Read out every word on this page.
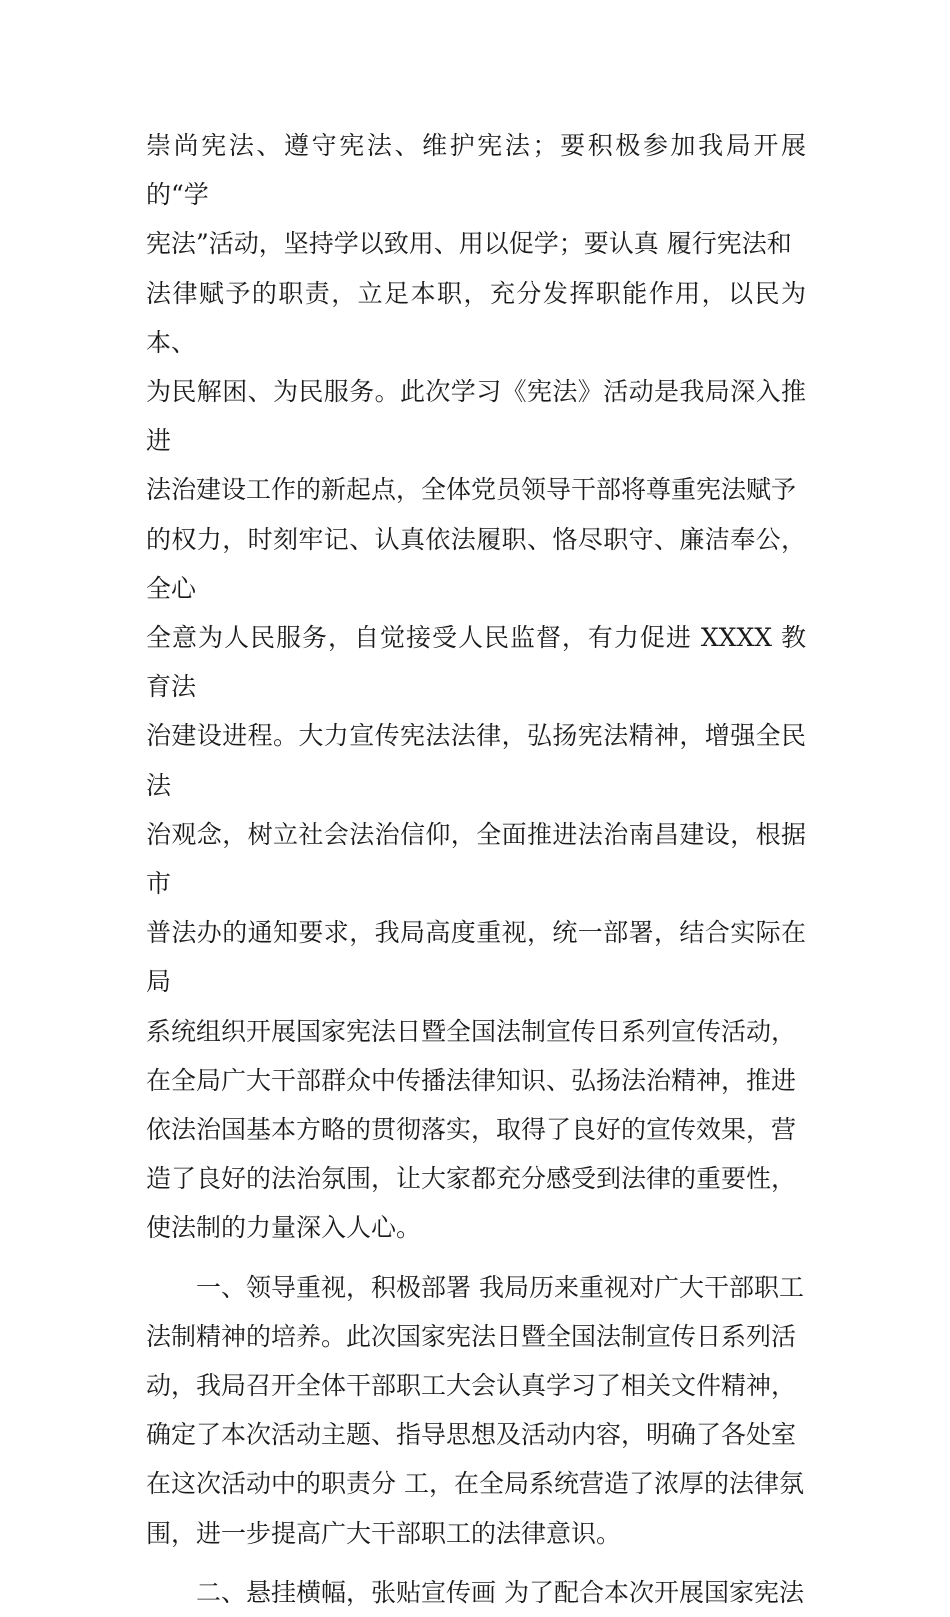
崇尚宪法、遵守宪法、维护宪法；要积极参加我局开展的“学
宪法”活动，坚持学以致用、用以促学；要认真 履行宪法和
法律赋予的职责，立足本职，充分发挥职能作用，以民为本、
为民解困、为民服务。此次学习《宪法》活动是我局深入推进
法治建设工作的新起点，全体党员领导干部将尊重宪法赋予
的权力，时刻牢记、认真依法履职、恪尽职守、廉洁奉公，全心
全意为人民服务，自觉接受人民监督，有力促进 XXXX 教育法
治建设进程。大力宣传宪法法律，弘扬宪法精神，增强全民法
治观念，树立社会法治信仰，全面推进法治南昌建设，根据市
普法办的通知要求，我局高度重视，统一部署，结合实际在局
系统组织开展国家宪法日暨全国法制宣传日系列宣传活动，
在全局广大干部群众中传播法律知识、弘扬法治精神，推进
依法治国基本方略的贯彻落实，取得了良好的宣传效果，营
造了良好的法治氛围，让大家都充分感受到法律的重要性，
使法制的力量深入人心。

一、领导重视，积极部署 我局历来重视对广大干部职工
法制精神的培养。此次国家宪法日暨全国法制宣传日系列活
动，我局召开全体干部职工大会认真学习了相关文件精神，
确定了本次活动主题、指导思想及活动内容，明确了各处室
在这次活动中的职责分 工，在全局系统营造了浓厚的法律氛
围，进一步提高广大干部职工的法律意识。

二、悬挂横幅，张贴宣传画 为了配合本次开展国家宪法
